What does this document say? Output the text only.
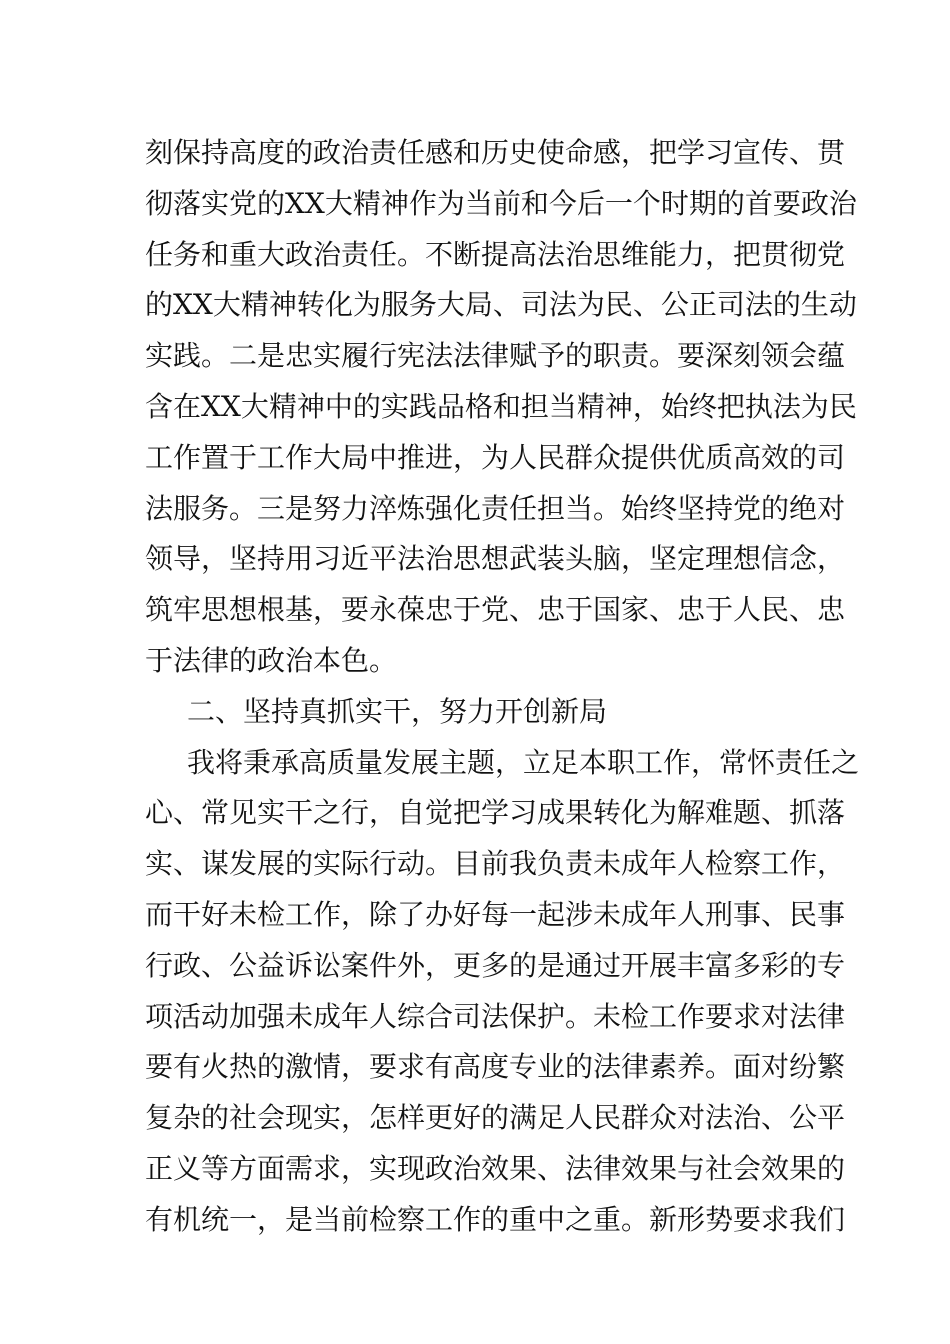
刻保持高度的政治责任感和历史使命感，把学习宣传、贯
彻落实党的XX大精神作为当前和今后一个时期的首要政治
任务和重大政治责任。不断提高法治思维能力，把贯彻党
的XX大精神转化为服务大局、司法为民、公正司法的生动
实践。二是忠实履行宪法法律赋予的职责。要深刻领会蕴
含在XX大精神中的实践品格和担当精神，始终把执法为民
工作置于工作大局中推进，为人民群众提供优质高效的司
法服务。三是努力淬炼强化责任担当。始终坚持党的绝对
领导，坚持用习近平法治思想武装头脑，坚定理想信念，
筑牢思想根基，要永葆忠于党、忠于国家、忠于人民、忠
于法律的政治本色。
二、坚持真抓实干，努力开创新局
我将秉承高质量发展主题，立足本职工作，常怀责任之
心、常见实干之行，自觉把学习成果转化为解难题、抓落
实、谋发展的实际行动。目前我负责未成年人检察工作，
而干好未检工作，除了办好每一起涉未成年人刑事、民事
行政、公益诉讼案件外，更多的是通过开展丰富多彩的专
项活动加强未成年人综合司法保护。未检工作要求对法律
要有火热的激情，要求有高度专业的法律素养。面对纷繁
复杂的社会现实，怎样更好的满足人民群众对法治、公平
正义等方面需求，实现政治效果、法律效果与社会效果的
有机统一，是当前检察工作的重中之重。新形势要求我们
